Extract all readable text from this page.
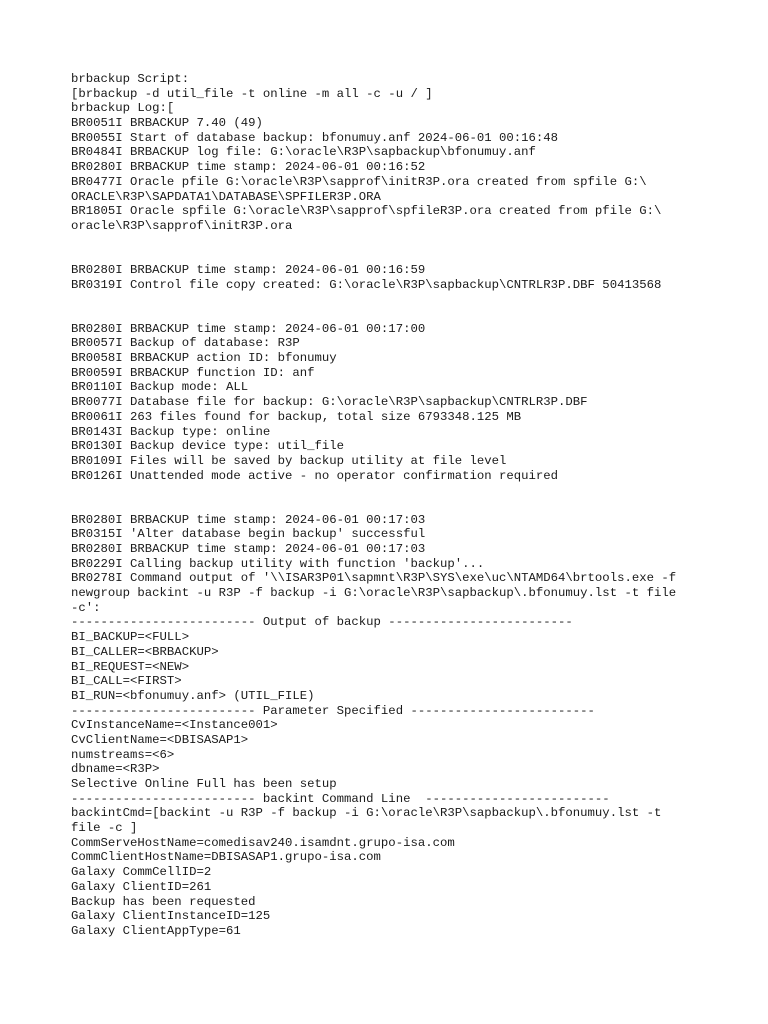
brbackup Script:
[brbackup -d util_file -t online -m all -c -u / ]
brbackup Log:[
BR0051I BRBACKUP 7.40 (49)
BR0055I Start of database backup: bfonumuy.anf 2024-06-01 00:16:48
BR0484I BRBACKUP log file: G:\oracle\R3P\sapbackup\bfonumuy.anf
BR0280I BRBACKUP time stamp: 2024-06-01 00:16:52
BR0477I Oracle pfile G:\oracle\R3P\sapprof\initR3P.ora created from spfile G:\
ORACLE\R3P\SAPDATA1\DATABASE\SPFILER3P.ORA
BR1805I Oracle spfile G:\oracle\R3P\sapprof\spfileR3P.ora created from pfile G:\
oracle\R3P\sapprof\initR3P.ora
BR0280I BRBACKUP time stamp: 2024-06-01 00:16:59
BR0319I Control file copy created: G:\oracle\R3P\sapbackup\CNTRLR3P.DBF 50413568
BR0280I BRBACKUP time stamp: 2024-06-01 00:17:00
BR0057I Backup of database: R3P
BR0058I BRBACKUP action ID: bfonumuy
BR0059I BRBACKUP function ID: anf
BR0110I Backup mode: ALL
BR0077I Database file for backup: G:\oracle\R3P\sapbackup\CNTRLR3P.DBF
BR0061I 263 files found for backup, total size 6793348.125 MB
BR0143I Backup type: online
BR0130I Backup device type: util_file
BR0109I Files will be saved by backup utility at file level
BR0126I Unattended mode active - no operator confirmation required
BR0280I BRBACKUP time stamp: 2024-06-01 00:17:03
BR0315I 'Alter database begin backup' successful
BR0280I BRBACKUP time stamp: 2024-06-01 00:17:03
BR0229I Calling backup utility with function 'backup'...
BR0278I Command output of '\\ISAR3P01\sapmnt\R3P\SYS\exe\uc\NTAMD64\brtools.exe -f
newgroup backint -u R3P -f backup -i G:\oracle\R3P\sapbackup\.bfonumuy.lst -t file
-c':
------------------------- Output of backup -------------------------
BI_BACKUP=<FULL>
BI_CALLER=<BRBACKUP>
BI_REQUEST=<NEW>
BI_CALL=<FIRST>
BI_RUN=<bfonumuy.anf> (UTIL_FILE)
------------------------- Parameter Specified -------------------------
CvInstanceName=<Instance001>
CvClientName=<DBISASAP1>
numstreams=<6>
dbname=<R3P>
Selective Online Full has been setup
------------------------- backint Command Line  -------------------------
backintCmd=[backint -u R3P -f backup -i G:\oracle\R3P\sapbackup\.bfonumuy.lst -t
file -c ]
CommServeHostName=comedisav240.isamdnt.grupo-isa.com
CommClientHostName=DBISASAP1.grupo-isa.com
Galaxy CommCellID=2
Galaxy ClientID=261
Backup has been requested
Galaxy ClientInstanceID=125
Galaxy ClientAppType=61
